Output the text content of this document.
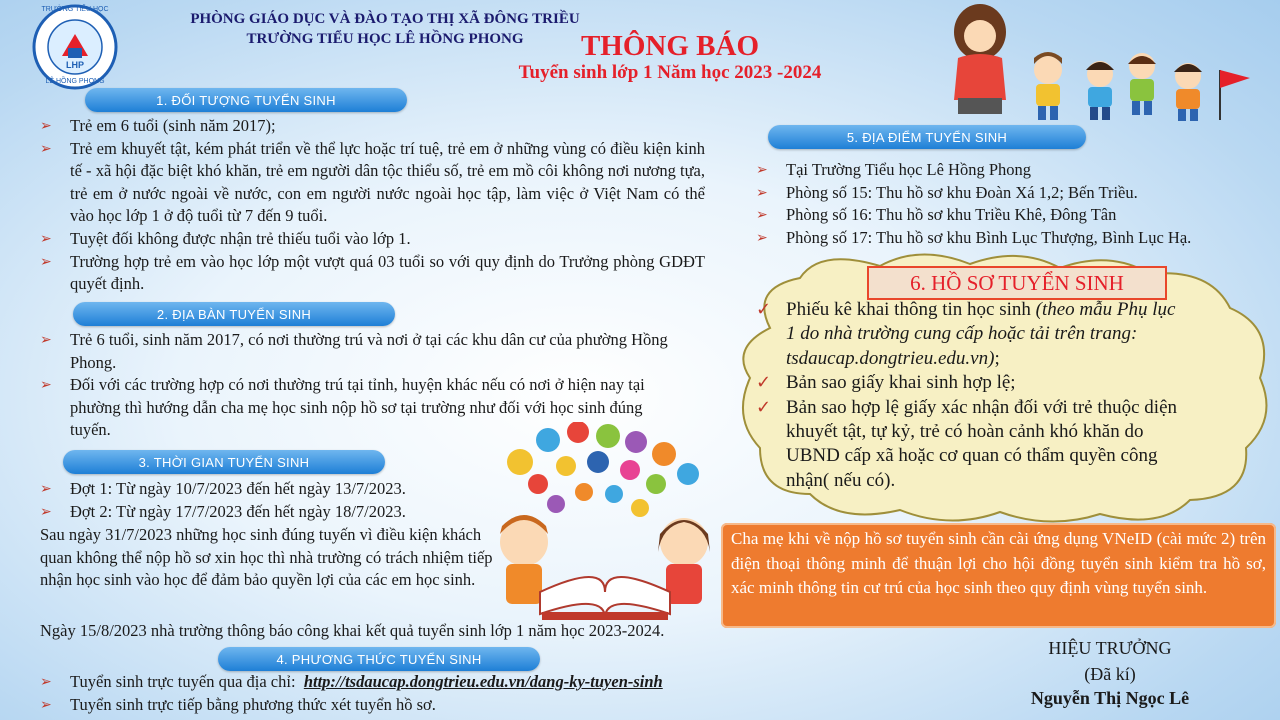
LHP
TRƯỜNG TIỂU HỌC
LÊ HỒNG PHONG
PHÒNG GIÁO DỤC VÀ ĐÀO TẠO THỊ XÃ ĐÔNG TRIỀU
TRƯỜNG TIỂU HỌC LÊ HỒNG PHONG	THÔNG BÁO
Tuyển sinh lớp 1 Năm học 2023 -2024
1. ĐỐI TƯỢNG TUYỂN SINH
➢ Trẻ em 6 tuổi (sinh năm 2017);
➢ Trẻ em khuyết tật, kém phát triển về thể lực hoặc trí tuệ, trẻ em ở những vùng có điều kiện kinh tế - xã hội đặc biệt khó khăn, trẻ em người dân tộc thiểu số, trẻ em mồ côi không nơi nương tựa, trẻ em ở nước ngoài về nước, con em người nước ngoài học tập, làm việc ở Việt Nam có thể vào học lớp 1 ở độ tuổi từ 7 đến 9 tuổi.
➢ Tuyệt đối không được nhận trẻ thiếu tuổi vào lớp 1.
➢ Trường hợp trẻ em vào học lớp một vượt quá 03 tuổi so với quy định do Trưởng phòng GDĐT quyết định.
2. ĐỊA BÀN TUYỂN SINH
➢ Trẻ 6 tuổi, sinh năm 2017, có nơi thường trú và nơi ở tại các khu dân cư của phường Hồng Phong.
➢ Đối với các trường hợp có nơi thường trú tại tỉnh, huyện khác nếu có nơi ở hiện nay tại phường thì hướng dẫn cha mẹ học sinh nộp hồ sơ tại trường như đối với học sinh đúng tuyến.
3. THỜI GIAN TUYỂN SINH
➢ Đợt 1: Từ ngày 10/7/2023 đến hết ngày 13/7/2023.
➢ Đợt 2: Từ ngày 17/7/2023 đến hết ngày 18/7/2023.
Sau ngày 31/7/2023 những học sinh đúng tuyến vì điều kiện khách quan không thể nộp hồ sơ xin học thì nhà trường có trách nhiệm tiếp nhận học sinh vào học để đảm bảo quyền lợi của các em học sinh.
Ngày 15/8/2023 nhà trường thông báo công khai kết quả tuyển sinh lớp 1 năm học 2023-2024.
4. PHƯƠNG THỨC TUYỂN SINH
➢ Tuyển sinh trực tuyến qua địa chỉ: http://tsdaucap.dongtrieu.edu.vn/dang-ky-tuyen-sinh
➢ Tuyển sinh trực tiếp bằng phương thức xét tuyển hồ sơ.
5. ĐỊA ĐIỂM TUYỂN SINH
➢ Tại Trường Tiểu học Lê Hồng Phong
➢ Phòng số 15: Thu hồ sơ khu Đoàn Xá 1,2; Bến Triều.
➢ Phòng số 16: Thu hồ sơ khu Triều Khê, Đông Tân
➢ Phòng số 17: Thu hồ sơ khu Bình Lục Thượng, Bình Lục Hạ.
6. HỒ SƠ TUYỂN SINH
✓ Phiếu kê khai thông tin học sinh (theo mẫu Phụ lục 1 do nhà trường cung cấp hoặc tải trên trang: tsdaucap.dongtrieu.edu.vn);
✓ Bản sao giấy khai sinh hợp lệ;
✓ Bản sao hợp lệ giấy xác nhận đối với trẻ thuộc diện khuyết tật, tự kỷ, trẻ có hoàn cảnh khó khăn do UBND cấp xã hoặc cơ quan có thẩm quyền công nhận( nếu có).
Cha mẹ khi về nộp hồ sơ tuyển sinh cần cài ứng dụng VNeID (cài mức 2) trên điện thoại thông minh để thuận lợi cho hội đồng tuyển sinh kiểm tra hồ sơ, xác minh thông tin cư trú của học sinh theo quy định vùng tuyển sinh.
HIỆU TRƯỞNG
(Đã kí)
Nguyễn Thị Ngọc Lê
